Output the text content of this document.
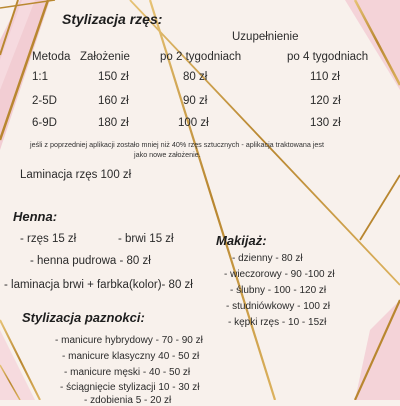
Stylizacja rzęs:
Uzupełnienie
Metoda Założenie	po 2 tygodniach	po 4 tygodniach
1:1	150 zł	80 zł	110 zł
2-5D	160 zł	90 zł	120 zł
6-9D	180 zł	100 zł	130 zł
jeśli z poprzedniej aplikacji zostało mniej niż 40% rzęs sztucznych - aplikacja traktowana jest
jako nowe założenie.
Laminacja rzęs 100 zł
Henna:
- rzęs 15 zł	- brwi 15 zł
- henna pudrowa - 80 zł
- laminacja brwi + farbka(kolor)- 80 zł
Makijaż:
- dzienny - 80 zł
- wieczorowy - 90 -100 zł
- ślubny - 100 - 120 zł
- studniówkowy - 100 zł
- kępki rzęs - 10 - 15zł
Stylizacja paznokci:
- manicure hybrydowy - 70 - 90 zł
- manicure klasyczny 40 - 50 zł
- manicure męski - 40 - 50 zł
- ściągnięcie stylizacji 10 - 30 zł
- zdobienia 5 - 20 zł
